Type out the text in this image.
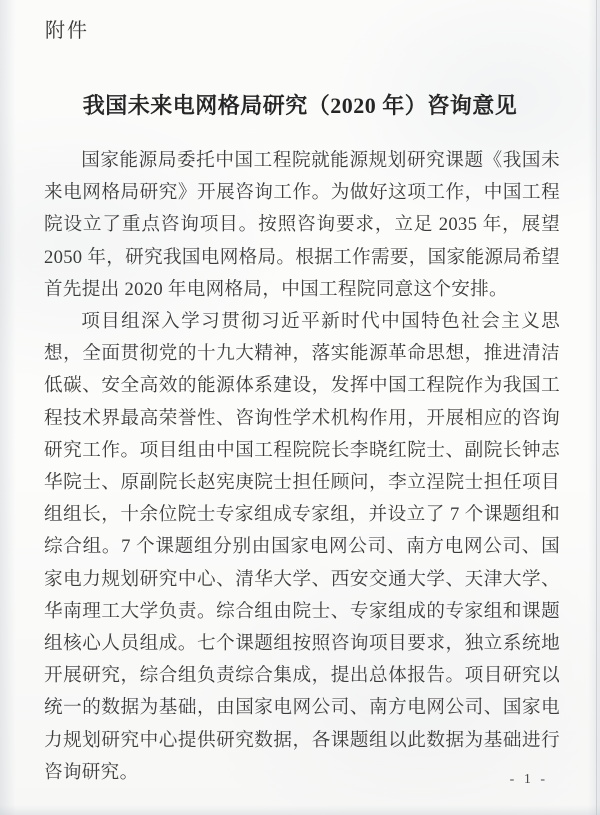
附件
我国未来电网格局研究（2020 年）咨询意见

国家能源局委托中国工程院就能源规划研究课题《我国未来电网格局研究》开展咨询工作。为做好这项工作，中国工程院设立了重点咨询项目。按照咨询要求，立足 2035 年，展望 2050 年，研究我国电网格局。根据工作需要，国家能源局希望首先提出 2020 年电网格局，中国工程院同意这个安排。

项目组深入学习贯彻习近平新时代中国特色社会主义思想，全面贯彻党的十九大精神，落实能源革命思想，推进清洁低碳、安全高效的能源体系建设，发挥中国工程院作为我国工程技术界最高荣誉性、咨询性学术机构作用，开展相应的咨询研究工作。项目组由中国工程院院长李晓红院士、副院长钟志华院士、原副院长赵宪庚院士担任顾问，李立浧院士担任项目组组长，十余位院士专家组成专家组，并设立了 7 个课题组和综合组。7 个课题组分别由国家电网公司、南方电网公司、国家电力规划研究中心、清华大学、西安交通大学、天津大学、华南理工大学负责。综合组由院士、专家组成的专家组和课题组核心人员组成。七个课题组按照咨询项目要求，独立系统地开展研究，综合组负责综合集成，提出总体报告。项目研究以统一的数据为基础，由国家电网公司、南方电网公司、国家电力规划研究中心提供研究数据，各课题组以此数据为基础进行咨询研究。	- 1 -
